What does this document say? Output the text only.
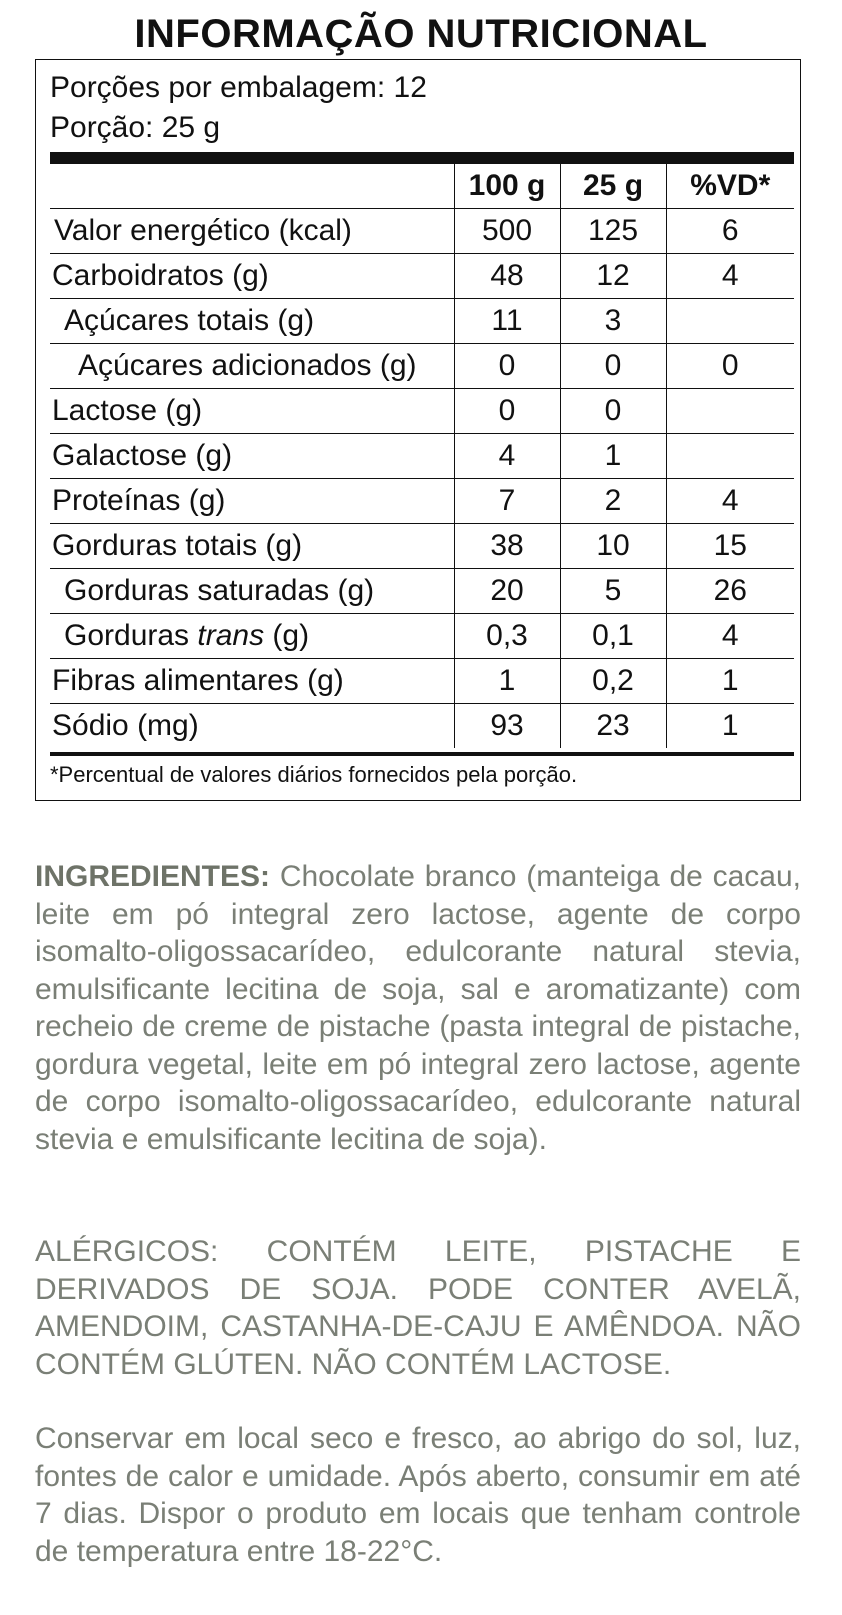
INFORMAÇÃO NUTRICIONAL
Porções por embalagem: 12
Porção: 25 g
	100 g	25 g	%VD*
Valor energético (kcal)	500	125	6
Carboidratos (g)	48	12	4
Açúcares totais (g)	11	3	
Açúcares adicionados (g)	0	0	0
Lactose (g)	0	0	
Galactose (g)	4	1	
Proteínas (g)	7	2	4
Gorduras totais (g)	38	10	15
Gorduras saturadas (g)	20	5	26
Gorduras trans (g)	0,3	0,1	4
Fibras alimentares (g)	1	0,2	1
Sódio (mg)	93	23	1
*Percentual de valores diários fornecidos pela porção.
INGREDIENTES: Chocolate branco (manteiga de cacau, leite em pó integral zero lactose, agente de corpo isomalto-oligossacarídeo, edulcorante natural stevia, emulsificante lecitina de soja, sal e aromatizante) com recheio de creme de pistache (pasta integral de pistache, gordura vegetal, leite em pó integral zero lactose, agente de corpo isomalto-oligossacarídeo, edulcorante natural stevia e emulsificante lecitina de soja).
ALÉRGICOS: CONTÉM LEITE, PISTACHE E DERIVADOS DE SOJA. PODE CONTER AVELÃ, AMENDOIM, CASTANHA-DE-CAJU E AMÊNDOA. NÃO CONTÉM GLÚTEN. NÃO CONTÉM LACTOSE.
Conservar em local seco e fresco, ao abrigo do sol, luz, fontes de calor e umidade. Após aberto, consumir em até 7 dias. Dispor o produto em locais que tenham controle de temperatura entre 18-22°C.
